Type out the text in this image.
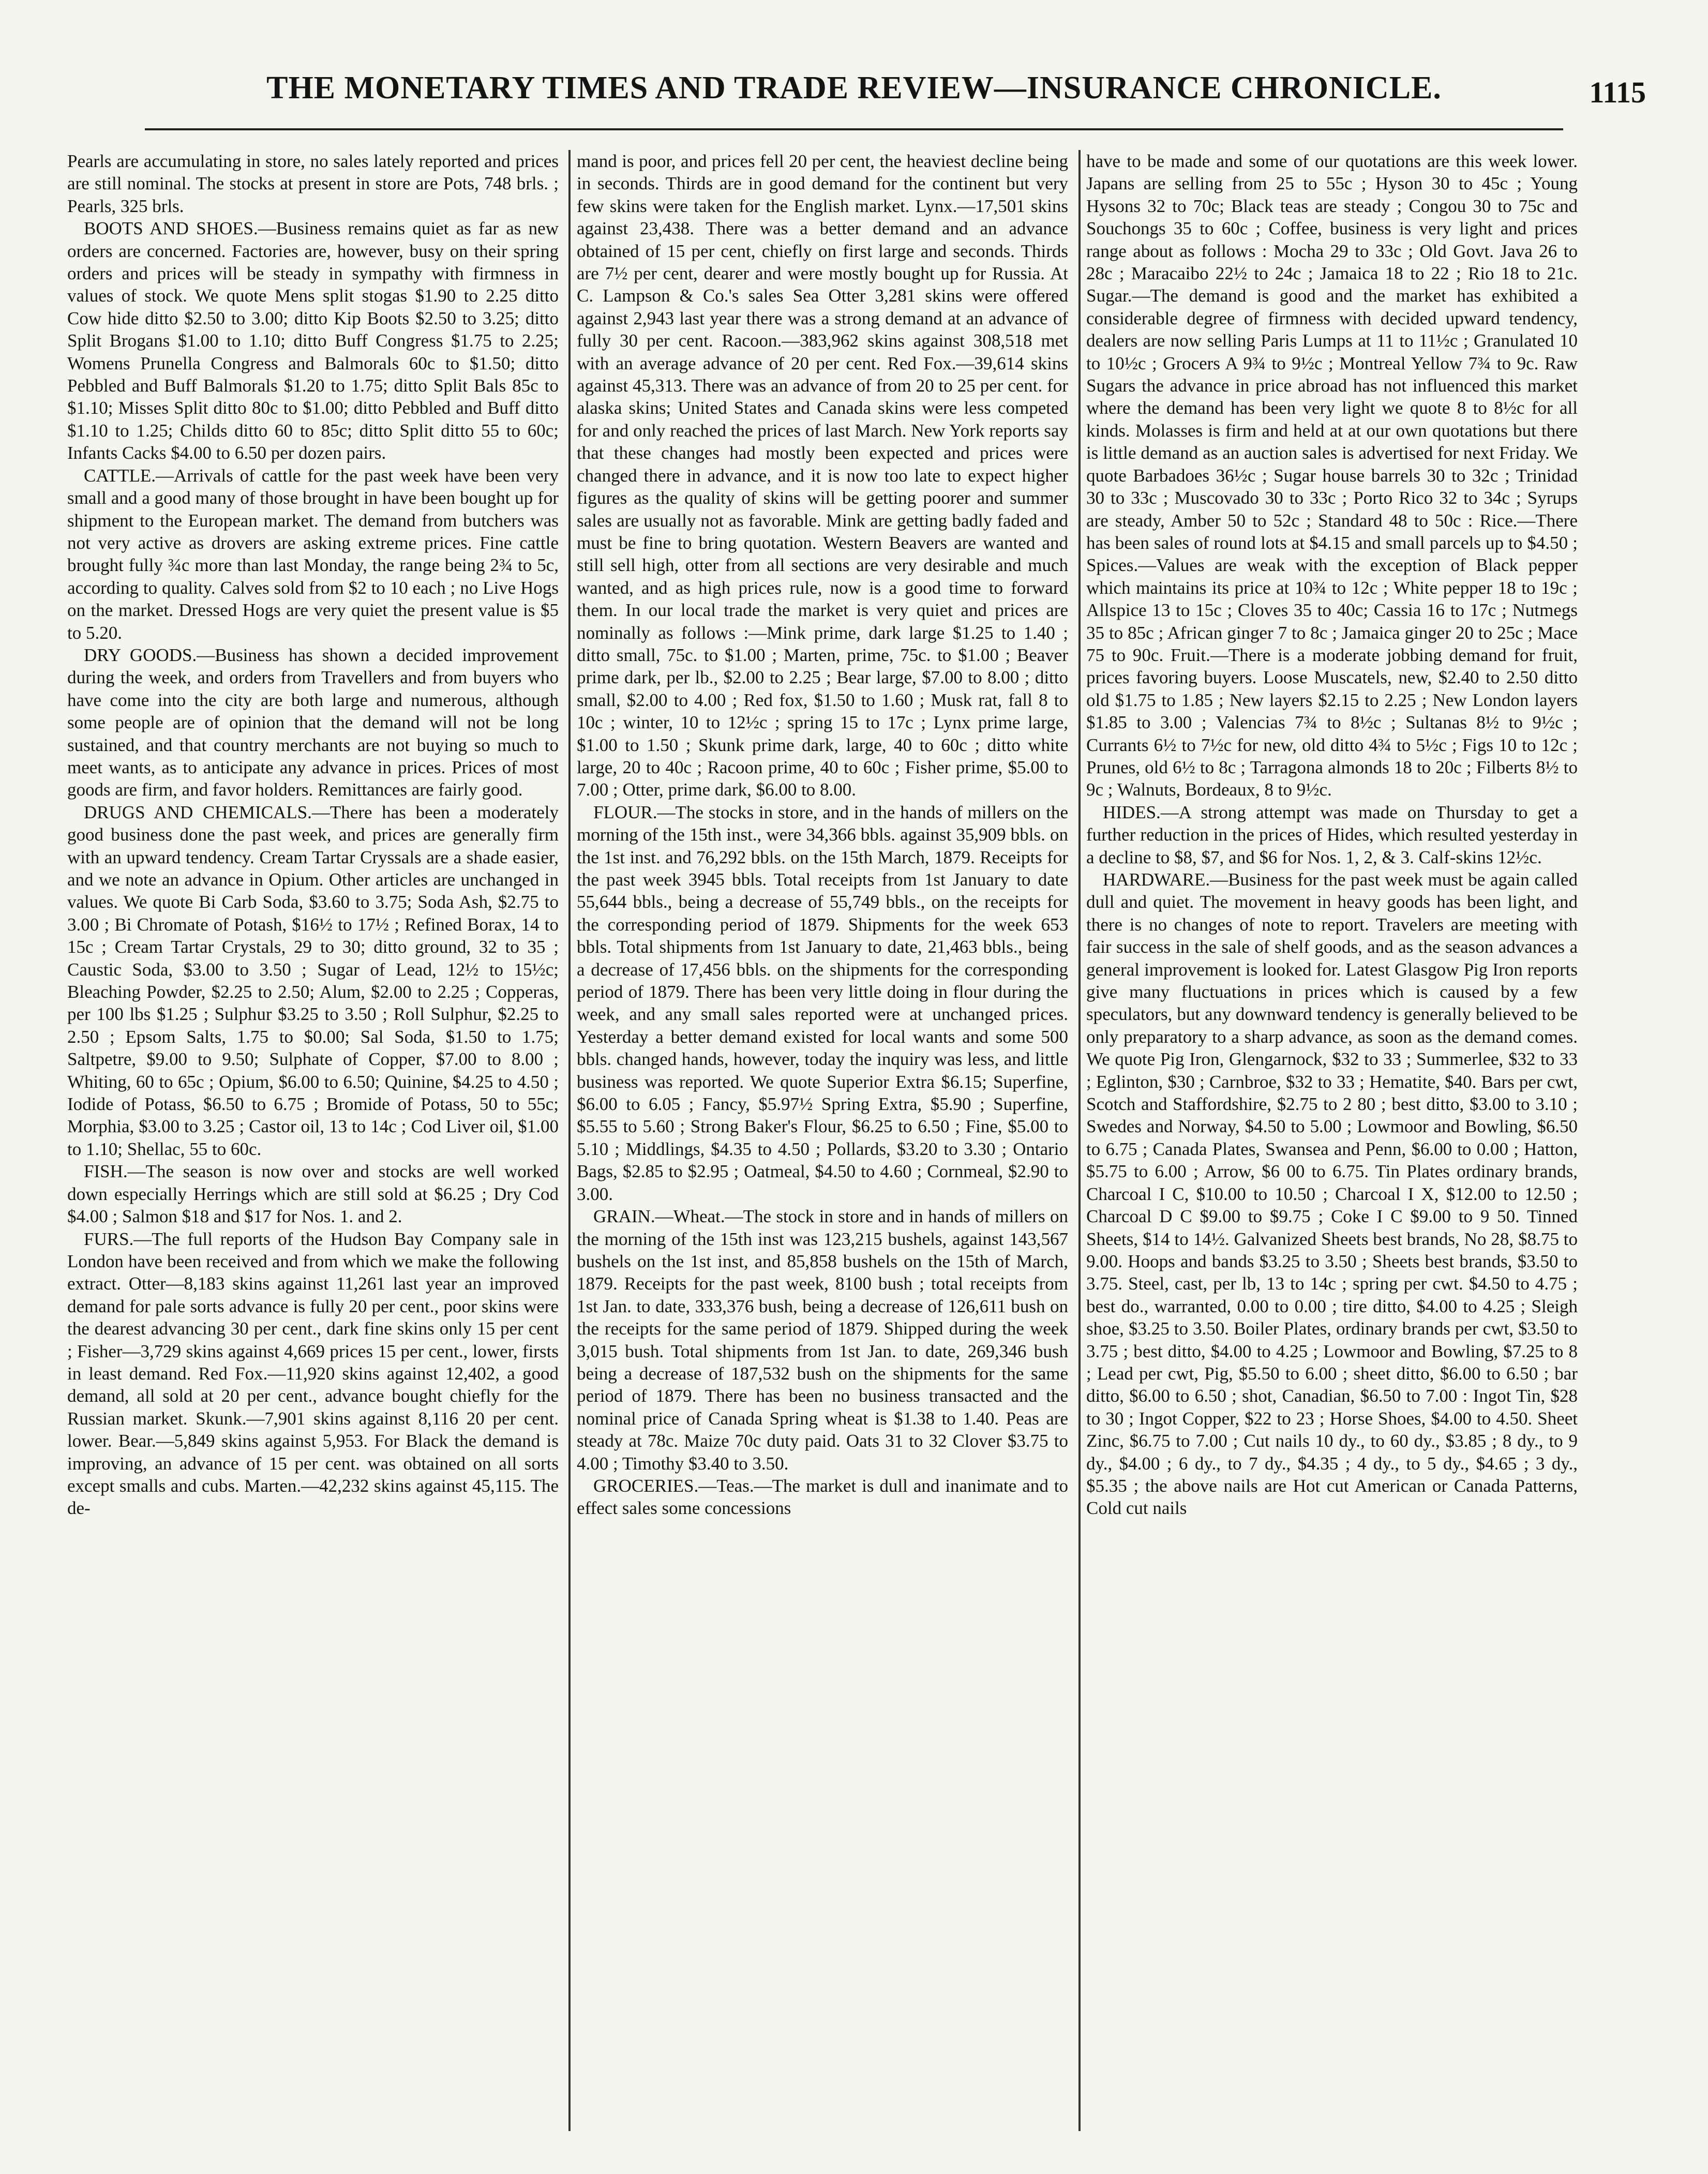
THE MONETARY TIMES AND TRADE REVIEW—INSURANCE CHRONICLE.	1115

Pearls are accumulating in store, no sales lately reported and prices are still nominal. The stocks at present in store are Pots, 748 brls. ; Pearls, 325 brls.

BOOTS AND SHOES.—Business remains quiet as far as new orders are concerned. Factories are, however, busy on their spring orders and prices will be steady in sympathy with firmness in values of stock. We quote Mens split stogas $1.90 to 2.25 ditto Cow hide ditto $2.50 to 3.00; ditto Kip Boots $2.50 to 3.25; ditto Split Brogans $1.00 to 1.10; ditto Buff Congress $1.75 to 2.25; Womens Prunella Congress and Balmorals 60c to $1.50; ditto Pebbled and Buff Balmorals $1.20 to 1.75; ditto Split Bals 85c to $1.10; Misses Split ditto 80c to $1.00; ditto Pebbled and Buff ditto $1.10 to 1.25; Childs ditto 60 to 85c; ditto Split ditto 55 to 60c; Infants Cacks $4.00 to 6.50 per dozen pairs.

CATTLE.—Arrivals of cattle for the past week have been very small and a good many of those brought in have been bought up for shipment to the European market. The demand from butchers was not very active as drovers are asking extreme prices. Fine cattle brought fully ¾c more than last Monday, the range being 2¾ to 5c, according to quality. Calves sold from $2 to 10 each ; no Live Hogs on the market. Dressed Hogs are very quiet the present value is $5 to 5.20.

DRY GOODS.—Business has shown a decided improvement during the week, and orders from Travellers and from buyers who have come into the city are both large and numerous, although some people are of opinion that the demand will not be long sustained, and that country merchants are not buying so much to meet wants, as to anticipate any advance in prices. Prices of most goods are firm, and favor holders. Remittances are fairly good.

DRUGS AND CHEMICALS.—There has been a moderately good business done the past week, and prices are generally firm with an upward tendency. Cream Tartar Cryssals are a shade easier, and we note an advance in Opium. Other articles are unchanged in values. We quote Bi Carb Soda, $3.60 to 3.75; Soda Ash, $2.75 to 3.00 ; Bi Chromate of Potash, $16½ to 17½ ; Refined Borax, 14 to 15c ; Cream Tartar Crystals, 29 to 30; ditto ground, 32 to 35 ; Caustic Soda, $3.00 to 3.50 ; Sugar of Lead, 12½ to 15½c; Bleaching Powder, $2.25 to 2.50; Alum, $2.00 to 2.25 ; Copperas, per 100 lbs $1.25 ; Sulphur $3.25 to 3.50 ; Roll Sulphur, $2.25 to 2.50 ; Epsom Salts, 1.75 to $0.00; Sal Soda, $1.50 to 1.75; Saltpetre, $9.00 to 9.50; Sulphate of Copper, $7.00 to 8.00 ; Whiting, 60 to 65c ; Opium, $6.00 to 6.50; Quinine, $4.25 to 4.50 ; Iodide of Potass, $6.50 to 6.75 ; Bromide of Potass, 50 to 55c; Morphia, $3.00 to 3.25 ; Castor oil, 13 to 14c ; Cod Liver oil, $1.00 to 1.10; Shellac, 55 to 60c.

FISH.—The season is now over and stocks are well worked down especially Herrings which are still sold at $6.25 ; Dry Cod $4.00 ; Salmon $18 and $17 for Nos. 1. and 2.

FURS.—The full reports of the Hudson Bay Company sale in London have been received and from which we make the following extract. Otter—8,183 skins against 11,261 last year an improved demand for pale sorts advance is fully 20 per cent., poor skins were the dearest advancing 30 per cent., dark fine skins only 15 per cent ; Fisher—3,729 skins against 4,669 prices 15 per cent., lower, firsts in least demand. Red Fox.—11,920 skins against 12,402, a good demand, all sold at 20 per cent., advance bought chiefly for the Russian market. Skunk.—7,901 skins against 8,116 20 per cent. lower. Bear.—5,849 skins against 5,953. For Black the demand is improving, an advance of 15 per cent. was obtained on all sorts except smalls and cubs. Marten.—42,232 skins against 45,115. The de-

mand is poor, and prices fell 20 per cent, the heaviest decline being in seconds. Thirds are in good demand for the continent but very few skins were taken for the English market. Lynx.—17,501 skins against 23,438. There was a better demand and an advance obtained of 15 per cent, chiefly on first large and seconds. Thirds are 7½ per cent, dearer and were mostly bought up for Russia. At C. Lampson & Co.'s sales Sea Otter 3,281 skins were offered against 2,943 last year there was a strong demand at an advance of fully 30 per cent. Racoon.—383,962 skins against 308,518 met with an average advance of 20 per cent. Red Fox.—39,614 skins against 45,313. There was an advance of from 20 to 25 per cent. for alaska skins; United States and Canada skins were less competed for and only reached the prices of last March. New York reports say that these changes had mostly been expected and prices were changed there in advance, and it is now too late to expect higher figures as the quality of skins will be getting poorer and summer sales are usually not as favorable. Mink are getting badly faded and must be fine to bring quotation. Western Beavers are wanted and still sell high, otter from all sections are very desirable and much wanted, and as high prices rule, now is a good time to forward them. In our local trade the market is very quiet and prices are nominally as follows :—Mink prime, dark large $1.25 to 1.40 ; ditto small, 75c. to $1.00 ; Marten, prime, 75c. to $1.00 ; Beaver prime dark, per lb., $2.00 to 2.25 ; Bear large, $7.00 to 8.00 ; ditto small, $2.00 to 4.00 ; Red fox, $1.50 to 1.60 ; Musk rat, fall 8 to 10c ; winter, 10 to 12½c ; spring 15 to 17c ; Lynx prime large, $1.00 to 1.50 ; Skunk prime dark, large, 40 to 60c ; ditto white large, 20 to 40c ; Racoon prime, 40 to 60c ; Fisher prime, $5.00 to 7.00 ; Otter, prime dark, $6.00 to 8.00.

FLOUR.—The stocks in store, and in the hands of millers on the morning of the 15th inst., were 34,366 bbls. against 35,909 bbls. on the 1st inst. and 76,292 bbls. on the 15th March, 1879. Receipts for the past week 3945 bbls. Total receipts from 1st January to date 55,644 bbls., being a decrease of 55,749 bbls., on the receipts for the corresponding period of 1879. Shipments for the week 653 bbls. Total shipments from 1st January to date, 21,463 bbls., being a decrease of 17,456 bbls. on the shipments for the corresponding period of 1879. There has been very little doing in flour during the week, and any small sales reported were at unchanged prices. Yesterday a better demand existed for local wants and some 500 bbls. changed hands, however, today the inquiry was less, and little business was reported. We quote Superior Extra $6.15; Superfine, $6.00 to 6.05 ; Fancy, $5.97½ Spring Extra, $5.90 ; Superfine, $5.55 to 5.60 ; Strong Baker's Flour, $6.25 to 6.50 ; Fine, $5.00 to 5.10 ; Middlings, $4.35 to 4.50 ; Pollards, $3.20 to 3.30 ; Ontario Bags, $2.85 to $2.95 ; Oatmeal, $4.50 to 4.60 ; Cornmeal, $2.90 to 3.00.

GRAIN.—Wheat.—The stock in store and in hands of millers on the morning of the 15th inst was 123,215 bushels, against 143,567 bushels on the 1st inst, and 85,858 bushels on the 15th of March, 1879. Receipts for the past week, 8100 bush ; total receipts from 1st Jan. to date, 333,376 bush, being a decrease of 126,611 bush on the receipts for the same period of 1879. Shipped during the week 3,015 bush. Total shipments from 1st Jan. to date, 269,346 bush being a decrease of 187,532 bush on the shipments for the same period of 1879. There has been no business transacted and the nominal price of Canada Spring wheat is $1.38 to 1.40. Peas are steady at 78c. Maize 70c duty paid. Oats 31 to 32 Clover $3.75 to 4.00 ; Timothy $3.40 to 3.50.

GROCERIES.—Teas.—The market is dull and inanimate and to effect sales some concessions

have to be made and some of our quotations are this week lower. Japans are selling from 25 to 55c ; Hyson 30 to 45c ; Young Hysons 32 to 70c; Black teas are steady ; Congou 30 to 75c and Souchongs 35 to 60c ; Coffee, business is very light and prices range about as follows : Mocha 29 to 33c ; Old Govt. Java 26 to 28c ; Maracaibo 22½ to 24c ; Jamaica 18 to 22 ; Rio 18 to 21c. Sugar.—The demand is good and the market has exhibited a considerable degree of firmness with decided upward tendency, dealers are now selling Paris Lumps at 11 to 11½c ; Granulated 10 to 10½c ; Grocers A 9¾ to 9½c ; Montreal Yellow 7¾ to 9c. Raw Sugars the advance in price abroad has not influenced this market where the demand has been very light we quote 8 to 8½c for all kinds. Molasses is firm and held at at our own quotations but there is little demand as an auction sales is advertised for next Friday. We quote Barbadoes 36½c ; Sugar house barrels 30 to 32c ; Trinidad 30 to 33c ; Muscovado 30 to 33c ; Porto Rico 32 to 34c ; Syrups are steady, Amber 50 to 52c ; Standard 48 to 50c : Rice.—There has been sales of round lots at $4.15 and small parcels up to $4.50 ; Spices.—Values are weak with the exception of Black pepper which maintains its price at 10¾ to 12c ; White pepper 18 to 19c ; Allspice 13 to 15c ; Cloves 35 to 40c; Cassia 16 to 17c ; Nutmegs 35 to 85c ; African ginger 7 to 8c ; Jamaica ginger 20 to 25c ; Mace 75 to 90c. Fruit.—There is a moderate jobbing demand for fruit, prices favoring buyers. Loose Muscatels, new, $2.40 to 2.50 ditto old $1.75 to 1.85 ; New layers $2.15 to 2.25 ; New London layers $1.85 to 3.00 ; Valencias 7¾ to 8½c ; Sultanas 8½ to 9½c ; Currants 6½ to 7½c for new, old ditto 4¾ to 5½c ; Figs 10 to 12c ; Prunes, old 6½ to 8c ; Tarragona almonds 18 to 20c ; Filberts 8½ to 9c ; Walnuts, Bordeaux, 8 to 9½c.

HIDES.—A strong attempt was made on Thursday to get a further reduction in the prices of Hides, which resulted yesterday in a decline to $8, $7, and $6 for Nos. 1, 2, & 3. Calf-skins 12½c.

HARDWARE.—Business for the past week must be again called dull and quiet. The movement in heavy goods has been light, and there is no changes of note to report. Travelers are meeting with fair success in the sale of shelf goods, and as the season advances a general improvement is looked for. Latest Glasgow Pig Iron reports give many fluctuations in prices which is caused by a few speculators, but any downward tendency is generally believed to be only preparatory to a sharp advance, as soon as the demand comes. We quote Pig Iron, Glengarnock, $32 to 33 ; Summerlee, $32 to 33 ; Eglinton, $30 ; Carnbroe, $32 to 33 ; Hematite, $40. Bars per cwt, Scotch and Staffordshire, $2.75 to 2 80 ; best ditto, $3.00 to 3.10 ; Swedes and Norway, $4.50 to 5.00 ; Lowmoor and Bowling, $6.50 to 6.75 ; Canada Plates, Swansea and Penn, $6.00 to 0.00 ; Hatton, $5.75 to 6.00 ; Arrow, $6 00 to 6.75. Tin Plates ordinary brands, Charcoal I C, $10.00 to 10.50 ; Charcoal I X, $12.00 to 12.50 ; Charcoal D C $9.00 to $9.75 ; Coke I C $9.00 to 9 50. Tinned Sheets, $14 to 14½. Galvanized Sheets best brands, No 28, $8.75 to 9.00. Hoops and bands $3.25 to 3.50 ; Sheets best brands, $3.50 to 3.75. Steel, cast, per lb, 13 to 14c ; spring per cwt. $4.50 to 4.75 ; best do., warranted, 0.00 to 0.00 ; tire ditto, $4.00 to 4.25 ; Sleigh shoe, $3.25 to 3.50. Boiler Plates, ordinary brands per cwt, $3.50 to 3.75 ; best ditto, $4.00 to 4.25 ; Lowmoor and Bowling, $7.25 to 8 ; Lead per cwt, Pig, $5.50 to 6.00 ; sheet ditto, $6.00 to 6.50 ; bar ditto, $6.00 to 6.50 ; shot, Canadian, $6.50 to 7.00 : Ingot Tin, $28 to 30 ; Ingot Copper, $22 to 23 ; Horse Shoes, $4.00 to 4.50. Sheet Zinc, $6.75 to 7.00 ; Cut nails 10 dy., to 60 dy., $3.85 ; 8 dy., to 9 dy., $4.00 ; 6 dy., to 7 dy., $4.35 ; 4 dy., to 5 dy., $4.65 ; 3 dy., $5.35 ; the above nails are Hot cut American or Canada Patterns, Cold cut nails
